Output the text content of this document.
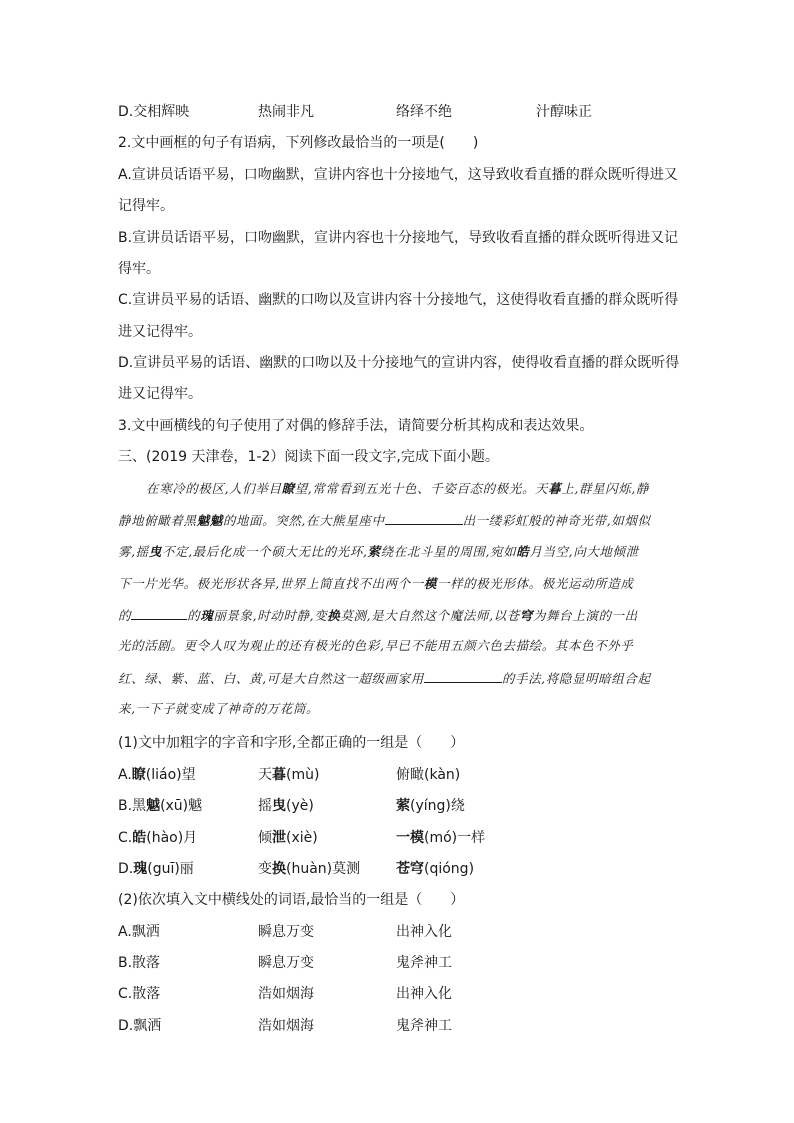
D.交相辉映	热闹非凡	络绎不绝	汁醇味正
2.文中画框的句子有语病，下列修改最恰当的一项是(　　)
A.宣讲员话语平易，口吻幽默，宣讲内容也十分接地气，这导致收看直播的群众既听得进又
记得牢。
B.宣讲员话语平易，口吻幽默，宣讲内容也十分接地气，导致收看直播的群众既听得进又记
得牢。
C.宣讲员平易的话语、幽默的口吻以及宣讲内容十分接地气，这使得收看直播的群众既听得
进又记得牢。
D.宣讲员平易的话语、幽默的口吻以及十分接地气的宣讲内容，使得收看直播的群众既听得
进又记得牢。
3.文中画横线的句子使用了对偶的修辞手法，请简要分析其构成和表达效果。
三、(2019 天津卷，1-2）阅读下面一段文字,完成下面小题。
在寒冷的极区,人们举目瞭望,常常看到五光十色、千姿百态的极光。天暮上,群星闪烁,静
静地俯瞰着黑魆魆的地面。突然,在大熊星座中	出一缕彩虹般的神奇光带,如烟似
雾,摇曳不定,最后化成一个硕大无比的光环,萦绕在北斗星的周围,宛如皓月当空,向大地倾泄
下一片光华。极光形状各异,世界上简直找不出两个一模一样的极光形体。极光运动所造成
的	的瑰丽景象,时动时静,变换莫测,是大自然这个魔法师,以苍穹为舞台上演的一出
光的活剧。更令人叹为观止的还有极光的色彩,早已不能用五颜六色去描绘。其本色不外乎
红、绿、紫、蓝、白、黄,可是大自然这一超级画家用	的手法,将隐显明暗组合起
来,一下子就变成了神奇的万花筒。
(1)文中加粗字的字音和字形,全都正确的一组是（　　）
A.瞭(liáo)望	天暮(mù)	俯瞰(kàn)
B.黑魆(xū)魆	摇曳(yè)	萦(yíng)绕
C.皓(hào)月	倾泄(xiè)	一模(mó)一样
D.瑰(guī)丽	变换(huàn)莫测	苍穹(qióng)
(2)依次填入文中横线处的词语,最恰当的一组是（　　）
A.飘洒	瞬息万变	出神入化
B.散落	瞬息万变	鬼斧神工
C.散落	浩如烟海	出神入化
D.飘洒	浩如烟海	鬼斧神工
